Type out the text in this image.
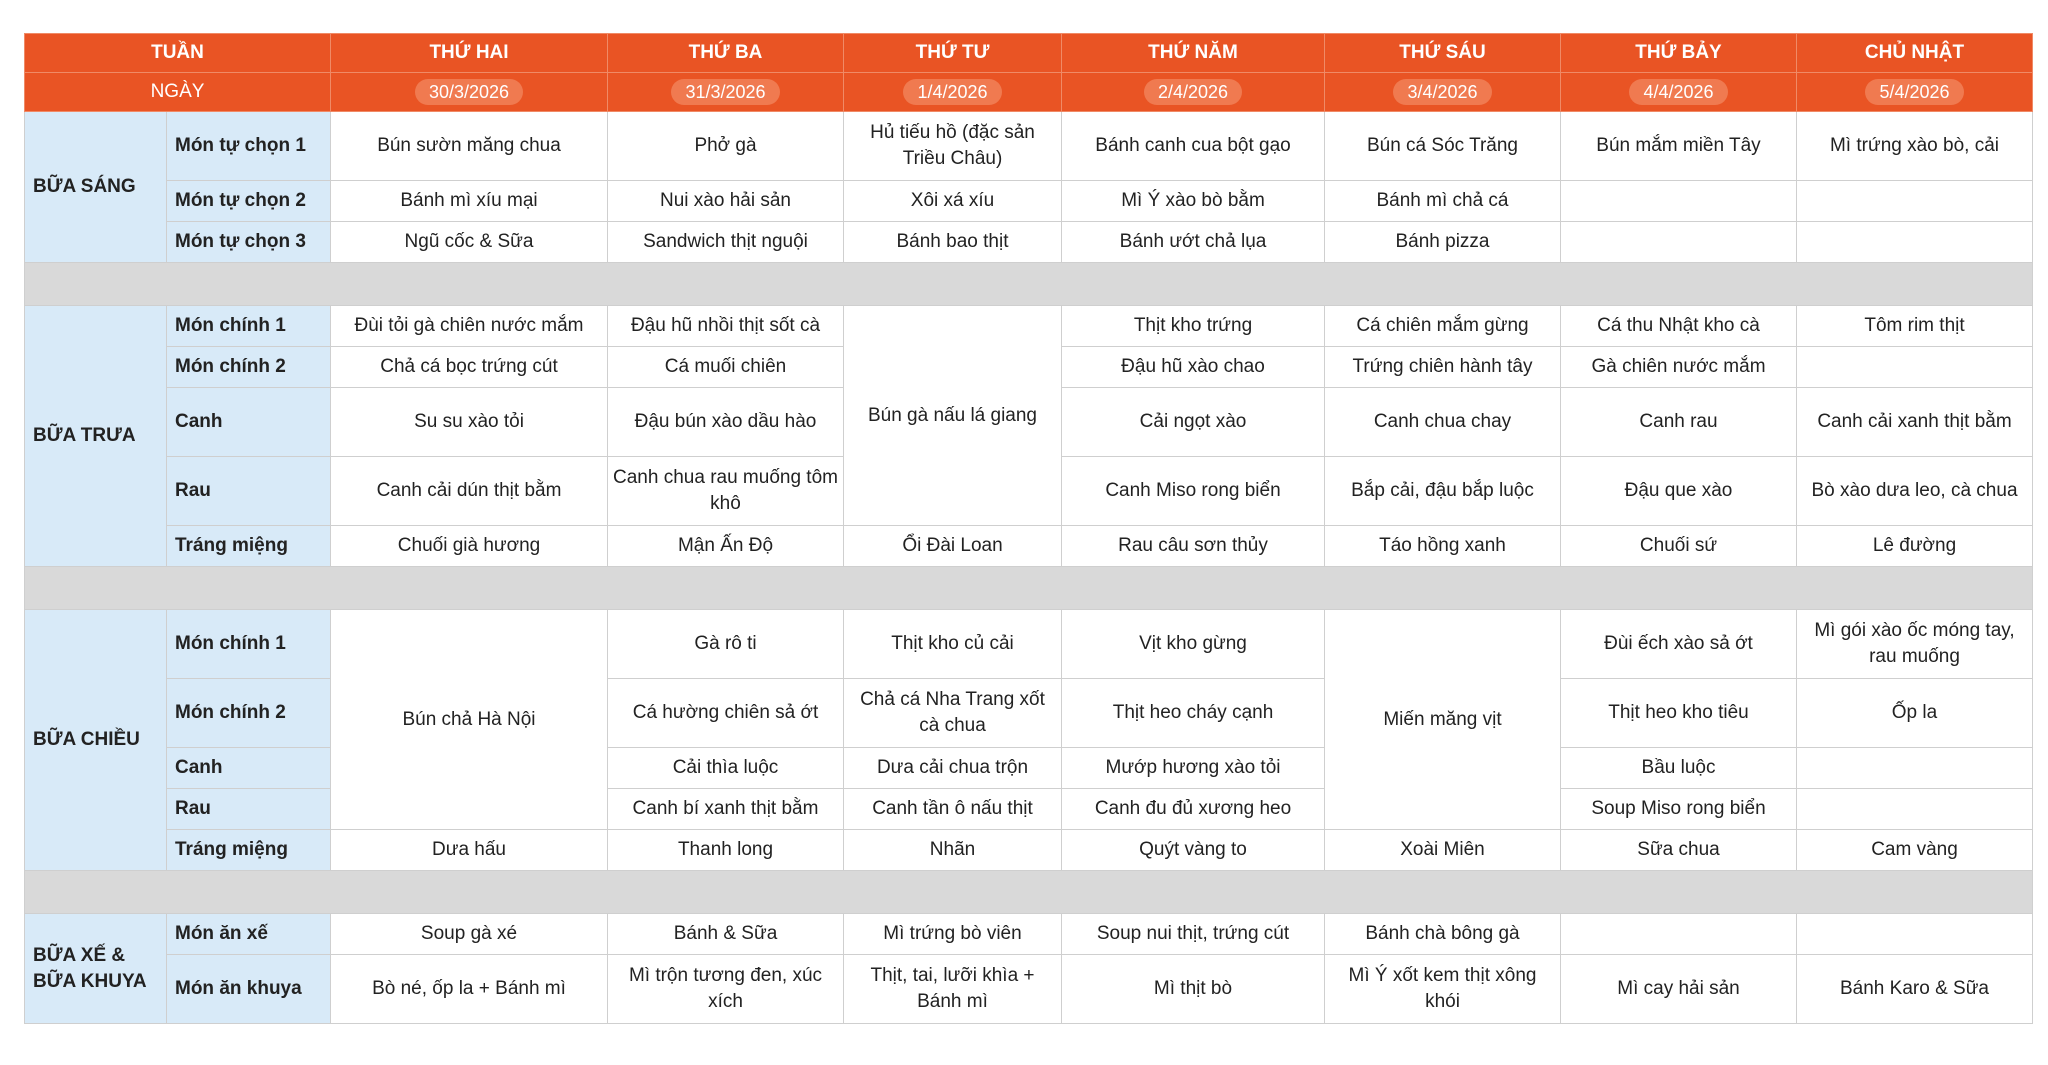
TUẦN		THỨ HAI	THỨ BA	THỨ TƯ	THỨ NĂM	THỨ SÁU	THỨ BẢY	CHỦ NHẬT
NGÀY		30/3/2026	31/3/2026	1/4/2026	2/4/2026	3/4/2026	4/4/2026	5/4/2026
BỮA SÁNG	Món tự chọn 1	Bún sườn măng chua	Phở gà	Hủ tiếu hồ (đặc sản Triều Châu)	Bánh canh cua bột gạo	Bún cá Sóc Trăng	Bún mắm miền Tây	Mì trứng xào bò, cải
	Món tự chọn 2	Bánh mì xíu mại	Nui xào hải sản	Xôi xá xíu	Mì Ý xào bò bằm	Bánh mì chả cá		
	Món tự chọn 3	Ngũ cốc & Sữa	Sandwich thịt nguội	Bánh bao thịt	Bánh ướt chả lụa	Bánh pizza		

BỮA TRƯA	Món chính 1	Đùi tỏi gà chiên nước mắm	Đậu hũ nhồi thịt sốt cà	Bún gà nấu lá giang	Thịt kho trứng	Cá chiên mắm gừng	Cá thu Nhật kho cà	Tôm rim thịt
	Món chính 2	Chả cá bọc trứng cút	Cá muối chiên		Đậu hũ xào chao	Trứng chiên hành tây	Gà chiên nước mắm	
	Canh	Su su xào tỏi	Đậu bún xào dầu hào		Cải ngọt xào	Canh chua chay	Canh rau	Canh cải xanh thịt bằm
	Rau	Canh cải dún thịt bằm	Canh chua rau muống tôm khô		Canh Miso rong biển	Bắp cải, đậu bắp luộc	Đậu que xào	Bò xào dưa leo, cà chua
	Tráng miệng	Chuối già hương	Mận Ấn Độ	Ổi Đài Loan	Rau câu sơn thủy	Táo hồng xanh	Chuối sứ	Lê đường

BỮA CHIỀU	Món chính 1	Bún chả Hà Nội	Gà rô ti	Thịt kho củ cải	Vịt kho gừng	Miến măng vịt	Đùi ếch xào sả ớt	Mì gói xào ốc móng tay, rau muống
	Món chính 2		Cá hường chiên sả ớt	Chả cá Nha Trang xốt cà chua	Thịt heo cháy cạnh		Thịt heo kho tiêu	Ốp la
	Canh		Cải thìa luộc	Dưa cải chua trộn	Mướp hương xào tỏi		Bầu luộc	
	Rau		Canh bí xanh thịt bằm	Canh tần ô nấu thịt	Canh đu đủ xương heo		Soup Miso rong biển	
	Tráng miệng	Dưa hấu	Thanh long	Nhãn	Quýt vàng to	Xoài Miên	Sữa chua	Cam vàng

BỮA XẾ & BỮA KHUYA	Món ăn xế	Soup gà xé	Bánh & Sữa	Mì trứng bò viên	Soup nui thịt, trứng cút	Bánh chà bông gà		
	Món ăn khuya	Bò né, ốp la + Bánh mì	Mì trộn tương đen, xúc xích	Thịt, tai, lưỡi khìa + Bánh mì	Mì thịt bò	Mì Ý xốt kem thịt xông khói	Mì cay hải sản	Bánh Karo & Sữa
